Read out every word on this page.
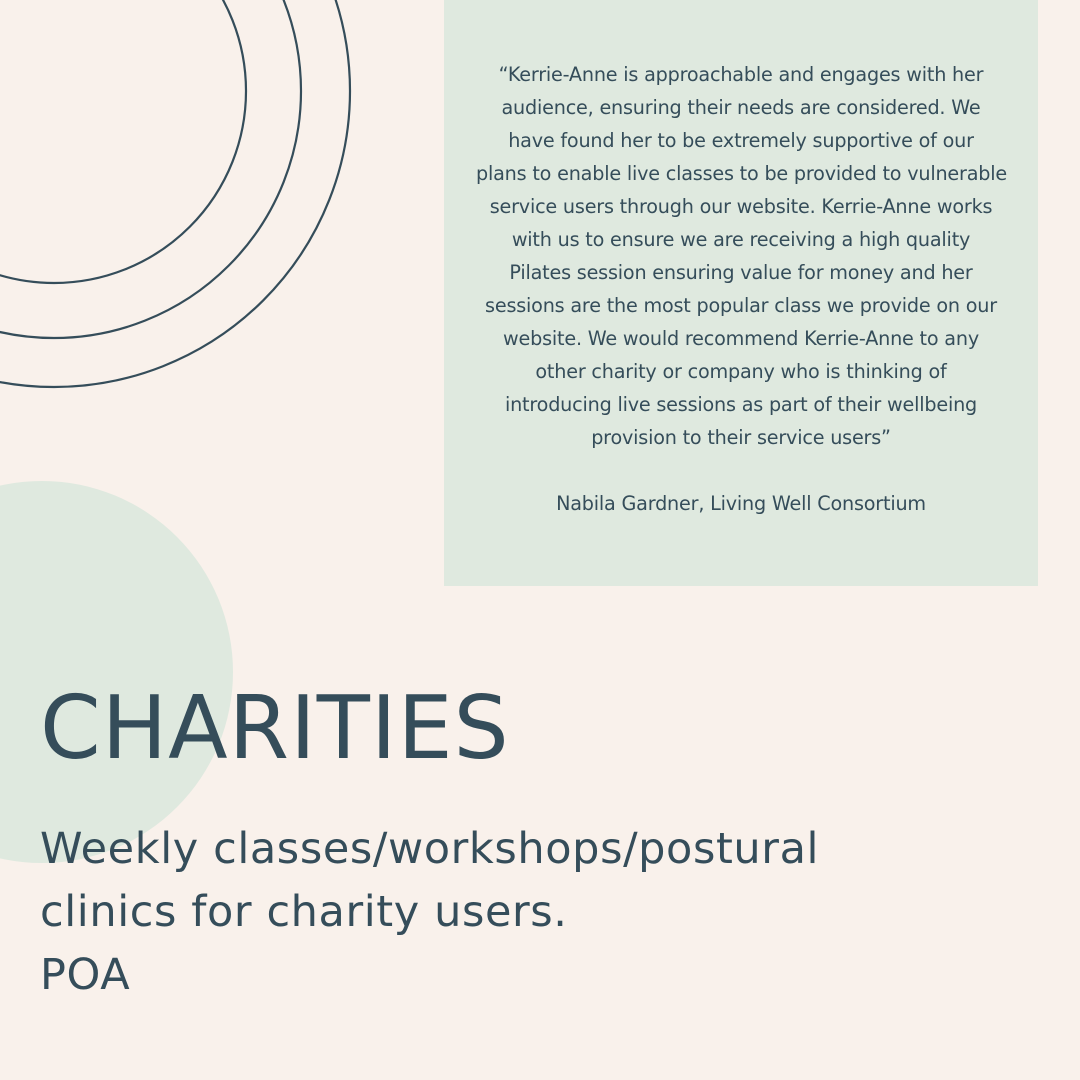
“Kerrie-Anne is approachable and engages with her
audience, ensuring their needs are considered. We
have found her to be extremely supportive of our
plans to enable live classes to be provided to vulnerable
service users through our website. Kerrie-Anne works
with us to ensure we are receiving a high quality
Pilates session ensuring value for money and her
sessions are the most popular class we provide on our
website. We would recommend Kerrie-Anne to any
other charity or company who is thinking of
introducing live sessions as part of their wellbeing
provision to their service users”

Nabila Gardner, Living Well Consortium

CHARITIES

Weekly classes/workshops/postural
clinics for charity users.
POA
